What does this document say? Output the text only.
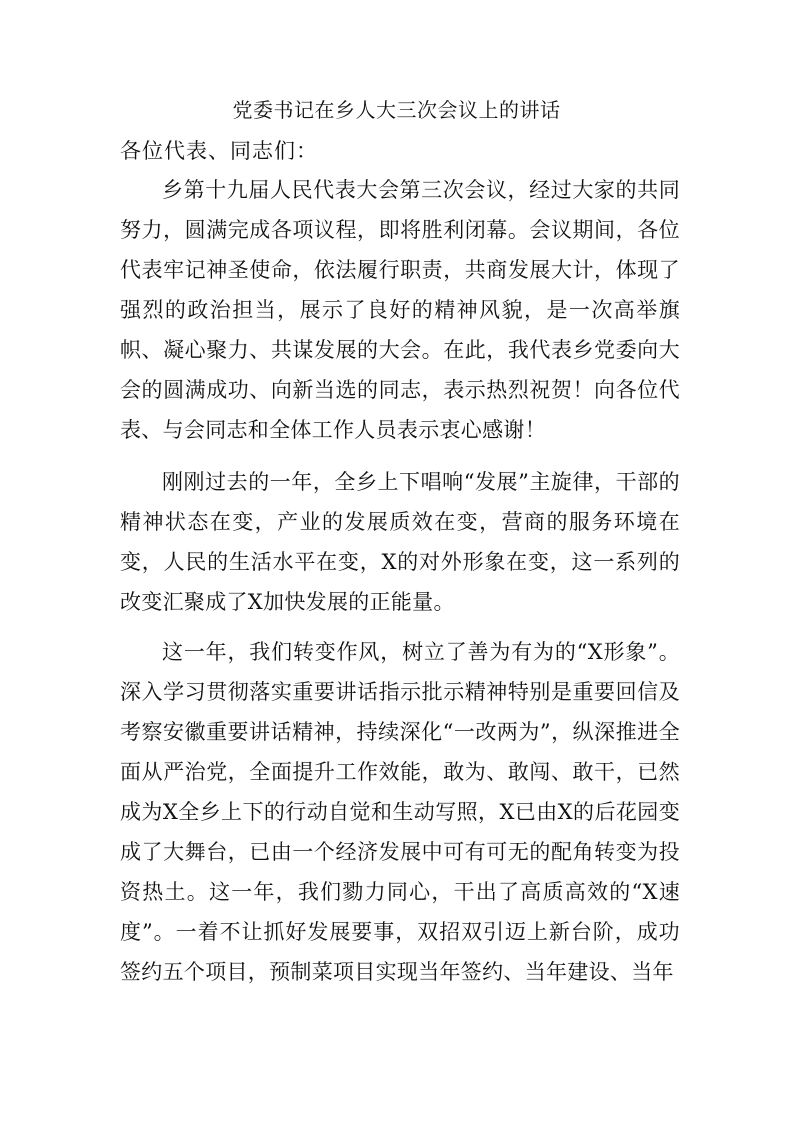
党委书记在乡人大三次会议上的讲话
各位代表、同志们：

乡第十九届人民代表大会第三次会议，经过大家的共同努力，圆满完成各项议程，即将胜利闭幕。会议期间，各位代表牢记神圣使命，依法履行职责，共商发展大计，体现了强烈的政治担当，展示了良好的精神风貌，是一次高举旗帜、凝心聚力、共谋发展的大会。在此，我代表乡党委向大会的圆满成功、向新当选的同志，表示热烈祝贺！向各位代表、与会同志和全体工作人员表示衷心感谢！

刚刚过去的一年，全乡上下唱响“发展”主旋律，干部的精神状态在变，产业的发展质效在变，营商的服务环境在变，人民的生活水平在变，X的对外形象在变，这一系列的改变汇聚成了X加快发展的正能量。

这一年，我们转变作风，树立了善为有为的“X形象”。深入学习贯彻落实重要讲话指示批示精神特别是重要回信及考察安徽重要讲话精神，持续深化“一改两为”，纵深推进全面从严治党，全面提升工作效能，敢为、敢闯、敢干，已然成为X全乡上下的行动自觉和生动写照，X已由X的后花园变成了大舞台，已由一个经济发展中可有可无的配角转变为投资热土。这一年，我们勠力同心，干出了高质高效的“X速度”。一着不让抓好发展要事，双招双引迈上新台阶，成功签约五个项目，预制菜项目实现当年签约、当年建设、当年
